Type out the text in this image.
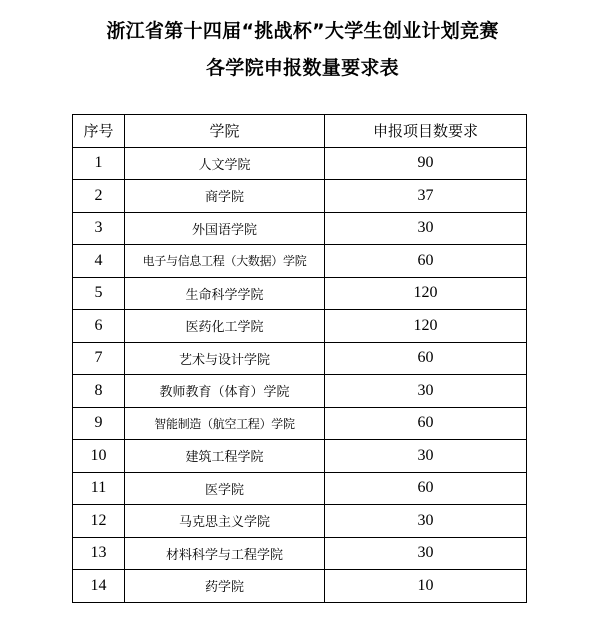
浙江省第十四届“挑战杯”大学生创业计划竞赛
各学院申报数量要求表
序号	学院	申报项目数要求
1	人文学院	90
2	商学院	37
3	外国语学院	30
4	电子与信息工程（大数据）学院	60
5	生命科学学院	120
6	医药化工学院	120
7	艺术与设计学院	60
8	教师教育（体育）学院	30
9	智能制造（航空工程）学院	60
10	建筑工程学院	30
11	医学院	60
12	马克思主义学院	30
13	材料科学与工程学院	30
14	药学院	10
